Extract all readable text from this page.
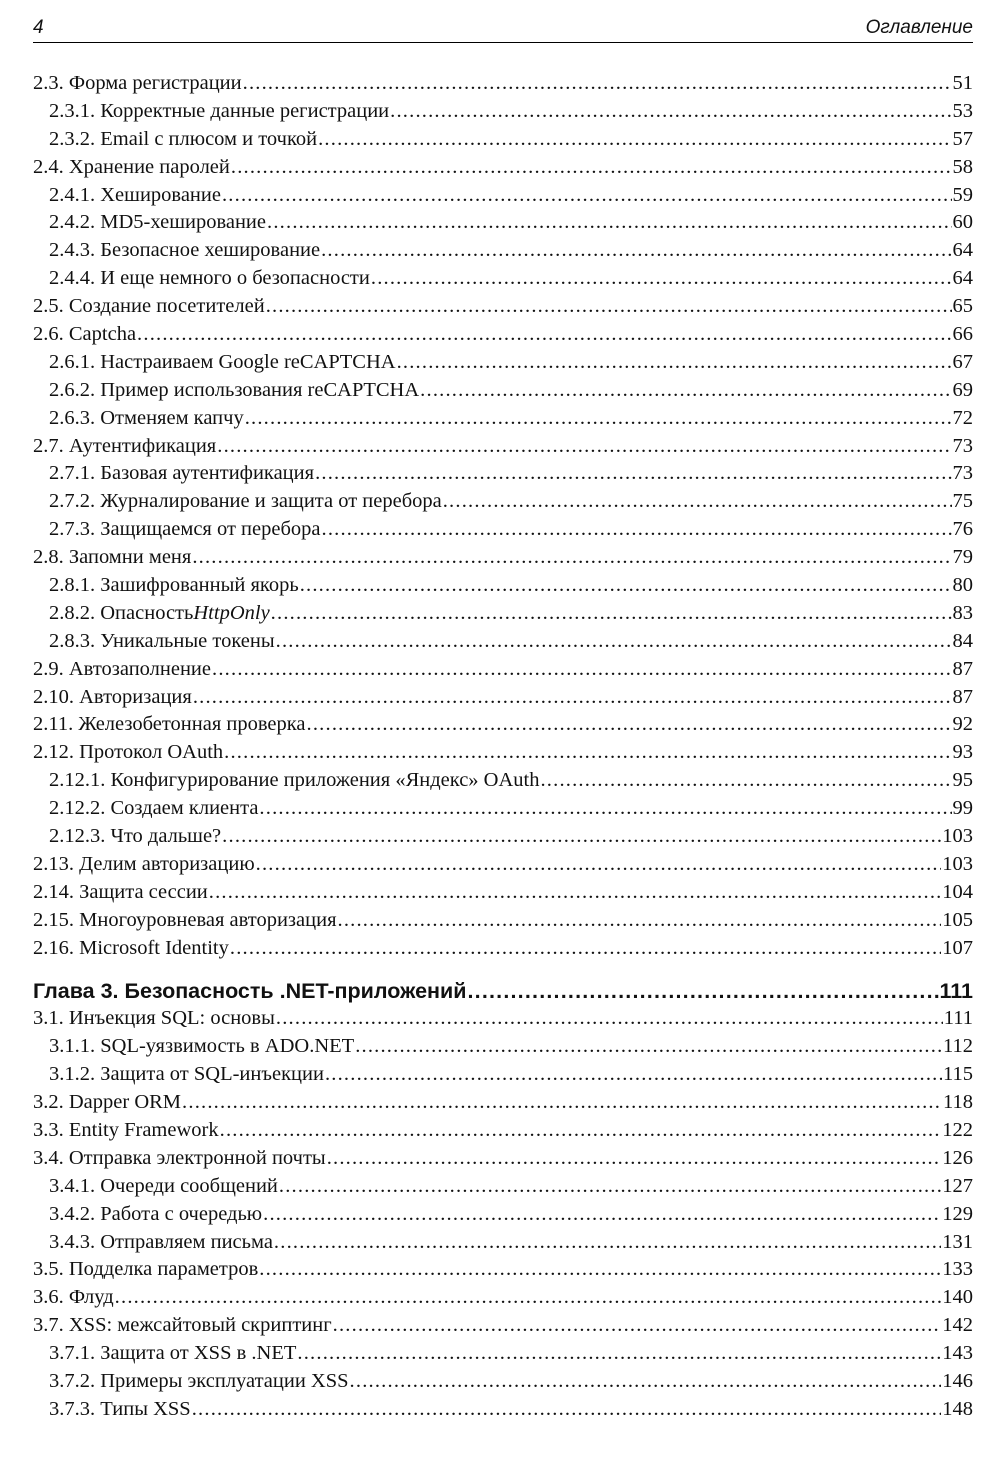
4	Оглавление
2.3. Форма регистрации .....	51
2.3.1. Корректные данные регистрации .....	53
2.3.2. Email с плюсом и точкой .....	57
2.4. Хранение паролей .....	58
2.4.1. Хеширование .....	59
2.4.2. MD5-хеширование .....	60
2.4.3. Безопасное хеширование .....	64
2.4.4. И еще немного о безопасности .....	64
2.5. Создание посетителей .....	65
2.6. Captcha .....	66
2.6.1. Настраиваем Google reCAPTCHA .....	67
2.6.2. Пример использования reCAPTCHA .....	69
2.6.3. Отменяем капчу .....	72
2.7. Аутентификация .....	73
2.7.1. Базовая аутентификация .....	73
2.7.2. Журналирование и защита от перебора .....	75
2.7.3. Защищаемся от перебора .....	76
2.8. Запомни меня .....	79
2.8.1. Зашифрованный якорь .....	80
2.8.2. Опасность HttpOnly .....	83
2.8.3. Уникальные токены .....	84
2.9. Автозаполнение .....	87
2.10. Авторизация .....	87
2.11. Железобетонная проверка .....	92
2.12. Протокол OAuth .....	93
2.12.1. Конфигурирование приложения «Яндекс» OAuth .....	95
2.12.2. Создаем клиента .....	99
2.12.3. Что дальше? .....	103
2.13. Делим авторизацию .....	103
2.14. Защита сессии .....	104
2.15. Многоуровневая авторизация .....	105
2.16. Microsoft Identity .....	107
Глава 3. Безопасность .NET-приложений .....	111
3.1. Инъекция SQL: основы .....	111
3.1.1. SQL-уязвимость в ADO.NET .....	112
3.1.2. Защита от SQL-инъекции .....	115
3.2. Dapper ORM .....	118
3.3. Entity Framework .....	122
3.4. Отправка электронной почты .....	126
3.4.1. Очереди сообщений .....	127
3.4.2. Работа с очередью .....	129
3.4.3. Отправляем письма .....	131
3.5. Подделка параметров .....	133
3.6. Флуд .....	140
3.7. XSS: межсайтовый скриптинг .....	142
3.7.1. Защита от XSS в .NET .....	143
3.7.2. Примеры эксплуатации XSS .....	146
3.7.3. Типы XSS .....	148
